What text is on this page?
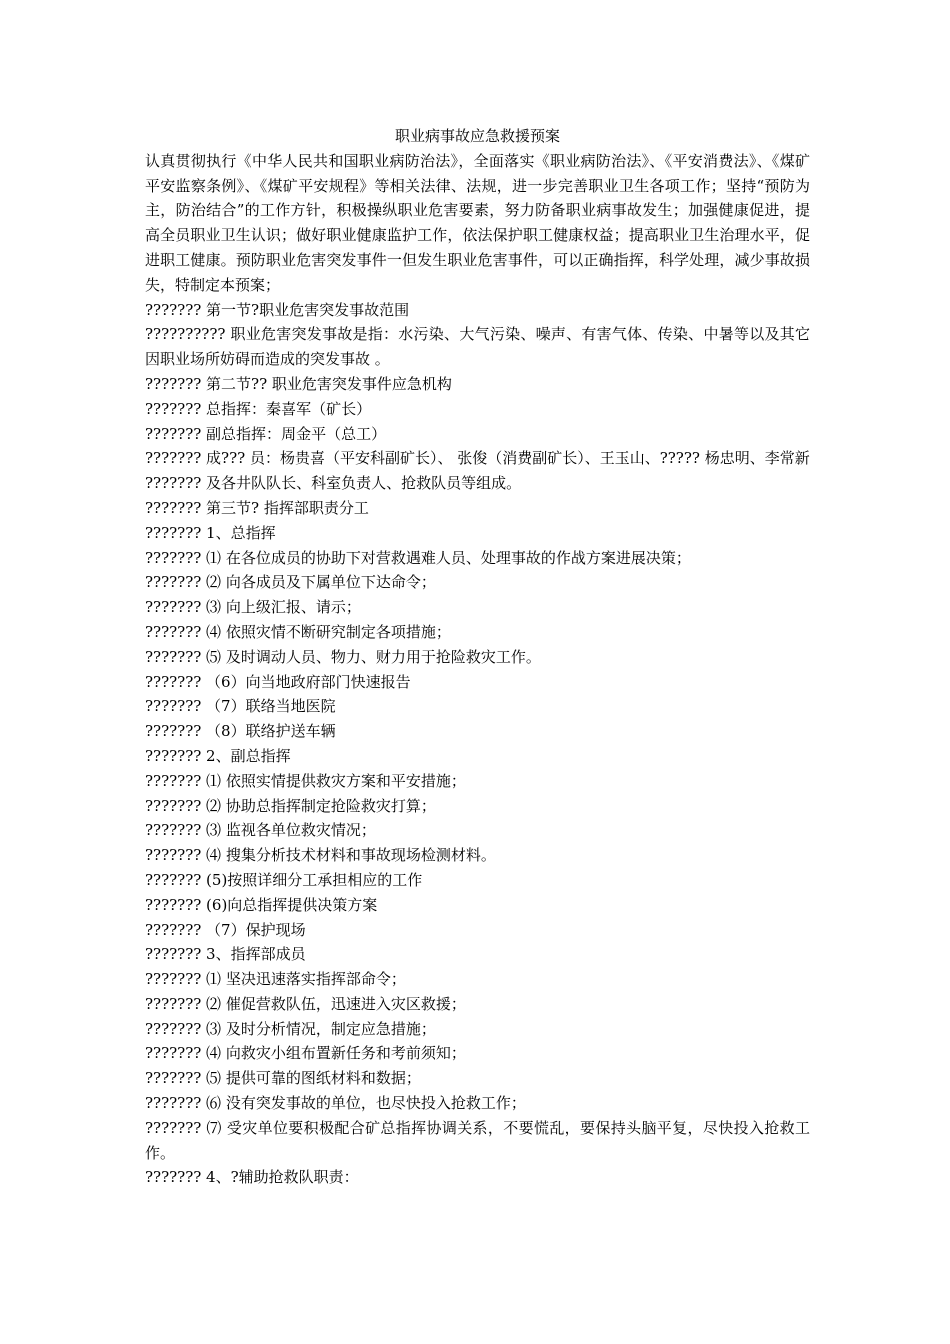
职业病事故应急救援预案

认真贯彻执行《中华人民共和国职业病防治法》，全面落实《职业病防治法》、《平安消费法》、《煤矿平安监察条例》、《煤矿平安规程》等相关法律、法规，进一步完善职业卫生各项工作；坚持“预防为主，防治结合”的工作方针，积极操纵职业危害要素，努力防备职业病事故发生；加强健康促进，提高全员职业卫生认识；做好职业健康监护工作，依法保护职工健康权益；提高职业卫生治理水平，促进职工健康。预防职业危害突发事件一但发生职业危害事件，可以正确指挥，科学处理，减少事故损失，特制定本预案；

??????? 第一节?职业危害突发事故范围

?????????? 职业危害突发事故是指：水污染、大气污染、噪声、有害气体、传染、中暑等以及其它因职业场所妨碍而造成的突发事故 。

??????? 第二节?? 职业危害突发事件应急机构

??????? 总指挥：秦喜军（矿长）

??????? 副总指挥：周金平（总工）

??????? 成??? 员：杨贵喜（平安科副矿长）、 张俊（消费副矿长）、王玉山、????? 杨忠明、李常新

??????? 及各井队队长、科室负责人、抢救队员等组成。

??????? 第三节? 指挥部职责分工

??????? 1、总指挥

??????? ⑴ 在各位成员的协助下对营救遇难人员、处理事故的作战方案进展决策；

??????? ⑵ 向各成员及下属单位下达命令；

??????? ⑶ 向上级汇报、请示；

??????? ⑷ 依照灾情不断研究制定各项措施；

??????? ⑸ 及时调动人员、物力、财力用于抢险救灾工作。

??????? （6）向当地政府部门快速报告

??????? （7）联络当地医院

??????? （8）联络护送车辆

??????? 2、副总指挥

??????? ⑴ 依照实情提供救灾方案和平安措施；

??????? ⑵ 协助总指挥制定抢险救灾打算；

??????? ⑶ 监视各单位救灾情况；

??????? ⑷ 搜集分析技术材料和事故现场检测材料。

??????? (5)按照详细分工承担相应的工作

??????? (6)向总指挥提供决策方案

??????? （7）保护现场

??????? 3、指挥部成员

??????? ⑴ 坚决迅速落实指挥部命令；

??????? ⑵ 催促营救队伍，迅速进入灾区救援；

??????? ⑶ 及时分析情况，制定应急措施；

??????? ⑷ 向救灾小组布置新任务和考前须知；

??????? ⑸ 提供可靠的图纸材料和数据；

??????? ⑹ 没有突发事故的单位，也尽快投入抢救工作；

??????? ⑺ 受灾单位要积极配合矿总指挥协调关系，不要慌乱，要保持头脑平复，尽快投入抢救工作。

??????? 4、?辅助抢救队职责：
